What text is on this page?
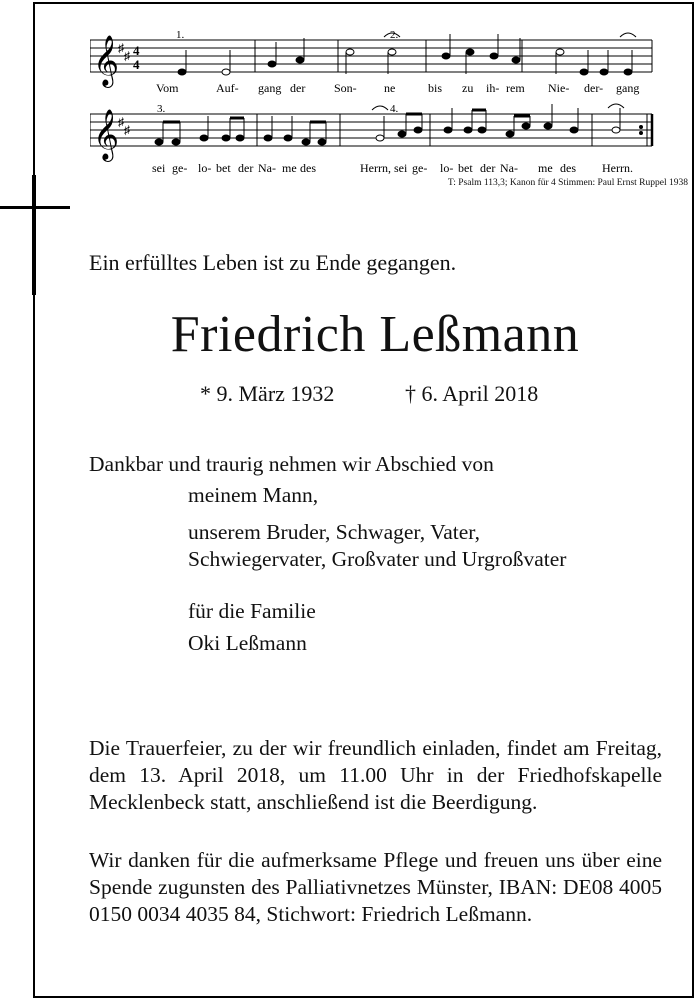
𝄞
𝄞
♯
♯
♯
♯
4
4
1.	2.
3.	4.
Vom	Auf- gang der Son- ne	bis zu ih- rem Nie- der- gang
sei ge- lo- bet der Na- me des	Herrn, sei ge- lo- bet der Na- me des Herrn.
T: Psalm 113,3; Kanon für 4 Stimmen: Paul Ernst Ruppel 1938
Ein erfülltes Leben ist zu Ende gegangen.
Friedrich Leßmann
* 9. März 1932	† 6. April 2018
Dankbar und traurig nehmen wir Abschied von
meinem Mann,
unserem Bruder, Schwager, Vater,
Schwiegervater, Großvater und Urgroßvater
für die Familie
Oki Leßmann
Die Trauerfeier, zu der wir freundlich einladen, findet am Freitag, dem 13. April 2018, um 11.00 Uhr in der Friedhofskapelle Mecklenbeck statt, anschließend ist die Beerdigung.
Wir danken für die aufmerksame Pflege und freuen uns über eine Spende zugunsten des Palliativnetzes Münster, IBAN: DE08 4005 0150 0034 4035 84, Stichwort: Friedrich Leßmann.
